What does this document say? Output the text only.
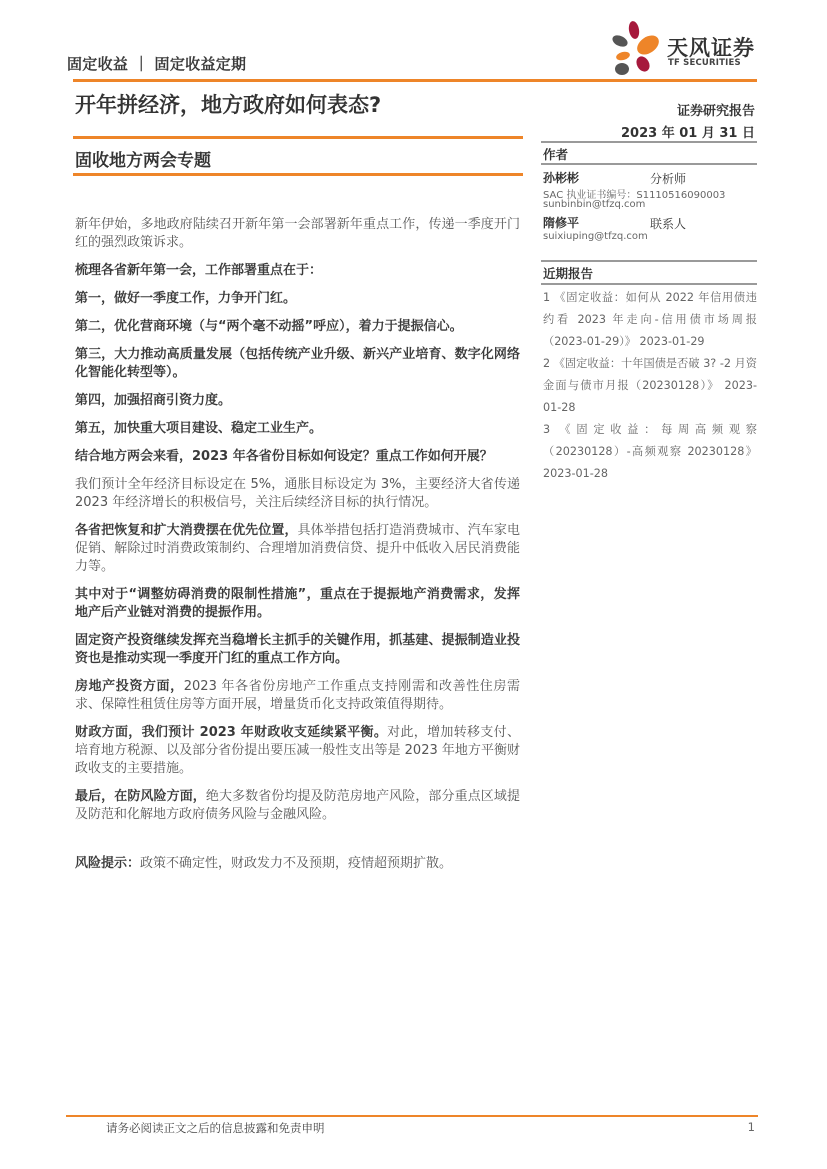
固定收益 ｜ 固定收益定期
天风证券
TF SECURITIES
开年拼经济，地方政府如何表态?	证券研究报告
2023 年 01 月 31 日
固收地方两会专题	作者
孙彬彬	分析师
SAC 执业证书编号：S1110516090003
sunbinbin@tfzq.com
隋修平	联系人
suixiuping@tfzq.com
近期报告

1 《固定收益：如何从 2022 年信用债违约看 2023 年走向-信用债市场周报（2023-01-29）》 2023-01-29

2 《固定收益：十年国债是否破 3? -2 月资金面与债市月报（20230128）》 2023-01-28

3 《固定收益：每周高频观察（20230128）-高频观察 20230128》 2023-01-28

新年伊始，多地政府陆续召开新年第一会部署新年重点工作，传递一季度开门红的强烈政策诉求。

梳理各省新年第一会，工作部署重点在于：

第一，做好一季度工作，力争开门红。

第二，优化营商环境（与“两个毫不动摇”呼应），着力于提振信心。

第三，大力推动高质量发展（包括传统产业升级、新兴产业培育、数字化网络化智能化转型等）。

第四，加强招商引资力度。

第五，加快重大项目建设、稳定工业生产。

结合地方两会来看，2023 年各省份目标如何设定？重点工作如何开展？

我们预计全年经济目标设定在 5%，通胀目标设定为 3%，主要经济大省传递 2023 年经济增长的积极信号，关注后续经济目标的执行情况。

各省把恢复和扩大消费摆在优先位置，具体举措包括打造消费城市、汽车家电促销、解除过时消费政策制约、合理增加消费信贷、提升中低收入居民消费能力等。

其中对于“调整妨碍消费的限制性措施”，重点在于提振地产消费需求，发挥地产后产业链对消费的提振作用。

固定资产投资继续发挥充当稳增长主抓手的关键作用，抓基建、提振制造业投资也是推动实现一季度开门红的重点工作方向。

房地产投资方面，2023 年各省份房地产工作重点支持刚需和改善性住房需求、保障性租赁住房等方面开展，增量货币化支持政策值得期待。

财政方面，我们预计 2023 年财政收支延续紧平衡。对此，增加转移支付、培育地方税源、以及部分省份提出要压减一般性支出等是 2023 年地方平衡财政收支的主要措施。

最后，在防风险方面，绝大多数省份均提及防范房地产风险，部分重点区域提及防范和化解地方政府债务风险与金融风险。

风险提示：政策不确定性，财政发力不及预期，疫情超预期扩散。
请务必阅读正文之后的信息披露和免责申明	1
